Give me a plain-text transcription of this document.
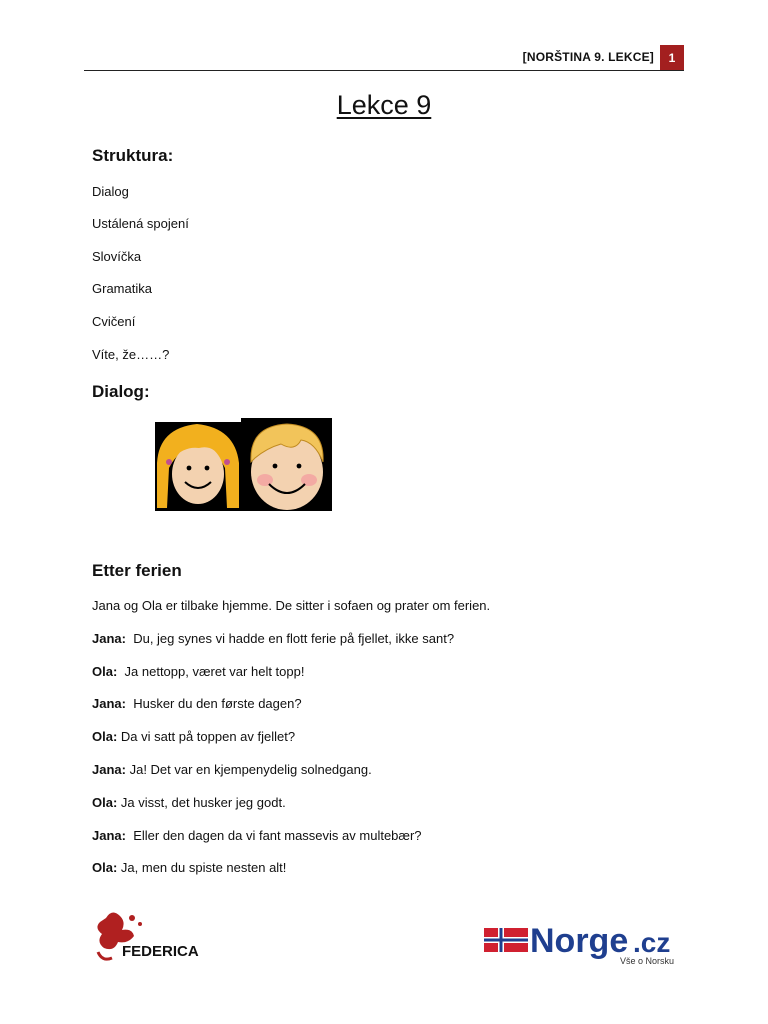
[NORŠTINA 9. LEKCE]	1
Lekce 9
Struktura:
Dialog
Ustálená spojení
Slovíčka
Gramatika
Cvičení
Víte, že……?
Dialog:
Etter ferien
Jana og Ola er tilbake hjemme. De sitter i sofaen og prater om ferien.
Jana: Du, jeg synes vi hadde en flott ferie på fjellet, ikke sant?
Ola: Ja nettopp, været var helt topp!
Jana: Husker du den første dagen?
Ola: Da vi satt på toppen av fjellet?
Jana: Ja! Det var en kjempenydelig solnedgang.
Ola: Ja visst, det husker jeg godt.
Jana: Eller den dagen da vi fant massevis av multebær?
Ola: Ja, men du spiste nesten alt!
FEDERICA	Norge .cz
Vše o Norsku
